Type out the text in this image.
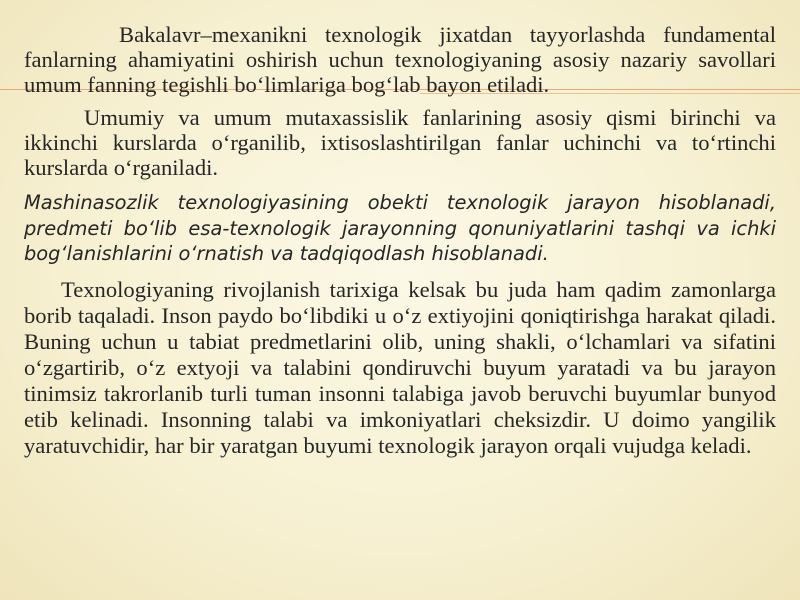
Bakalavr–mexanikni texnologik jixatdan tayyorlashda fundamental fanlarning ahamiyatini oshirish uchun texnologiyaning asosiy nazariy savollari umum fanning tegishli bo‘limlariga bog‘lab bayon etiladi.

Umumiy va umum mutaxassislik fanlarining asosiy qismi birinchi va ikkinchi kurslarda o‘rganilib, ixtisoslashtirilgan fanlar uchinchi va to‘rtinchi kurslarda o‘rganiladi.

Mashinasozlik texnologiyasining obekti texnologik jarayon hisoblanadi, predmeti bo‘lib esa-texnologik jarayonning qonuniyatlarini tashqi va ichki bog‘lanishlarini o‘rnatish va tadqiqodlash hisoblanadi.

Texnologiyaning rivojlanish tarixiga kelsak bu juda ham qadim zamonlarga borib taqaladi. Inson paydo bo‘libdiki u o‘z extiyojini qoniqtirishga harakat qiladi. Buning uchun u tabiat predmetlarini olib, uning shakli, o‘lchamlari va sifatini o‘zgartirib, o‘z extyoji va talabini qondiruvchi buyum yaratadi va bu jarayon tinimsiz takrorlanib turli tuman insonni talabiga javob beruvchi buyumlar bunyod etib kelinadi. Insonning talabi va imkoniyatlari cheksizdir. U doimo yangilik yaratuvchidir, har bir yaratgan buyumi texnologik jarayon orqali vujudga keladi.
